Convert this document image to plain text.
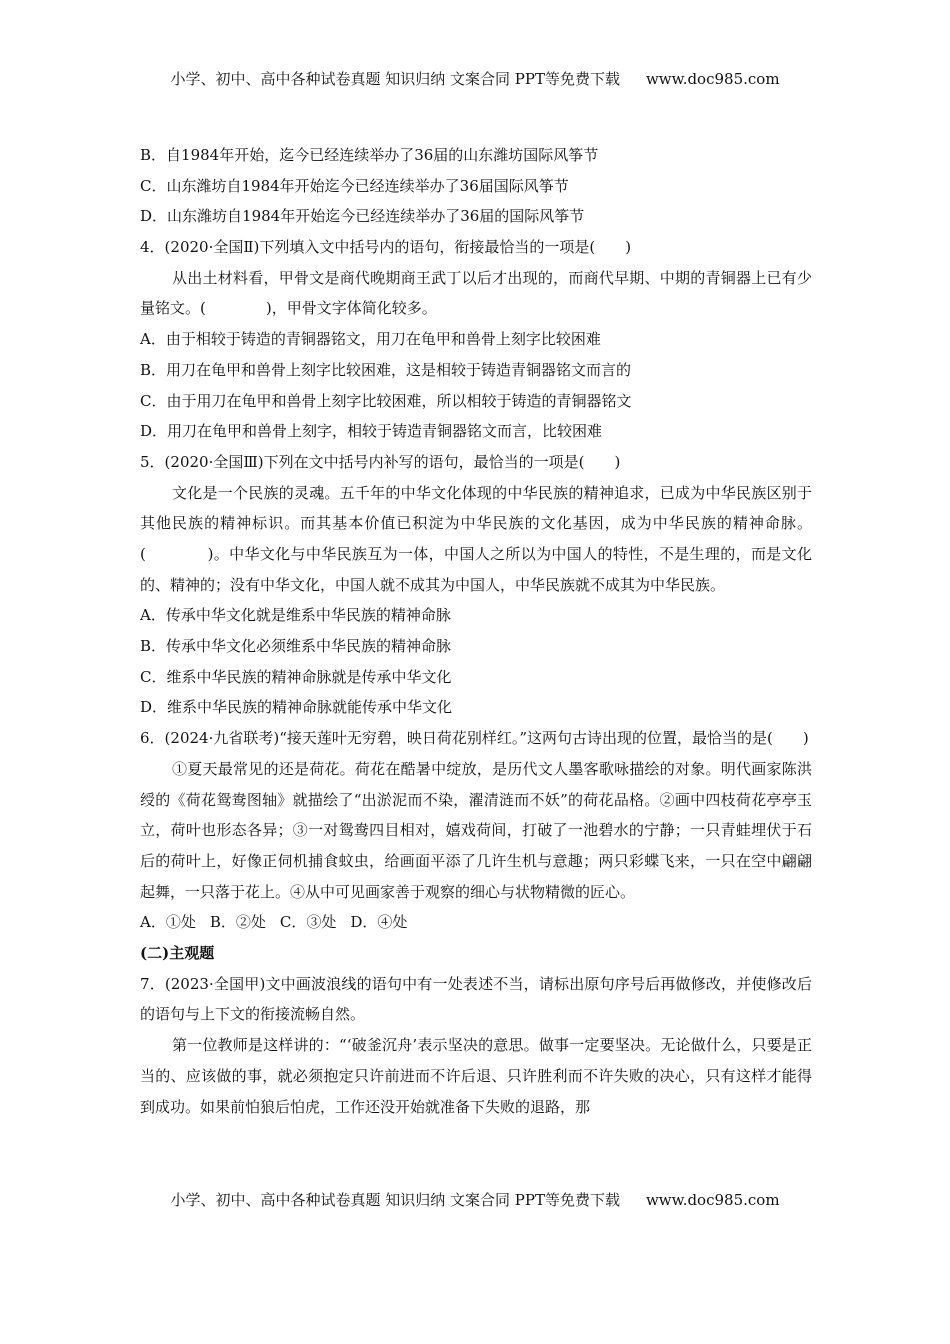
小学、初中、高中各种试卷真题 知识归纳 文案合同 PPT等免费下载 www.doc985.com
B．自1984年开始，迄今已经连续举办了36届的山东潍坊国际风筝节
C．山东潍坊自1984年开始迄今已经连续举办了36届国际风筝节
D．山东潍坊自1984年开始迄今已经连续举办了36届的国际风筝节
4．(2020·全国Ⅱ)下列填入文中括号内的语句，衔接最恰当的一项是(　　)

从出土材料看，甲骨文是商代晚期商王武丁以后才出现的，而商代早期、中期的青铜器上已有少量铭文。(　　　　)，甲骨文字体简化较多。

A．由于相较于铸造的青铜器铭文，用刀在龟甲和兽骨上刻字比较困难
B．用刀在龟甲和兽骨上刻字比较困难，这是相较于铸造青铜器铭文而言的
C．由于用刀在龟甲和兽骨上刻字比较困难，所以相较于铸造的青铜器铭文
D．用刀在龟甲和兽骨上刻字，相较于铸造青铜器铭文而言，比较困难
5．(2020·全国Ⅲ)下列在文中括号内补写的语句，最恰当的一项是(　　)

文化是一个民族的灵魂。五千年的中华文化体现的中华民族的精神追求，已成为中华民族区别于其他民族的精神标识。而其基本价值已积淀为中华民族的文化基因，成为中华民族的精神命脉。(　　　　)。中华文化与中华民族互为一体，中国人之所以为中国人的特性，不是生理的，而是文化的、精神的；没有中华文化，中国人就不成其为中国人，中华民族就不成其为中华民族。

A．传承中华文化就是维系中华民族的精神命脉
B．传承中华文化必须维系中华民族的精神命脉
C．维系中华民族的精神命脉就是传承中华文化
D．维系中华民族的精神命脉就能传承中华文化
6．(2024·九省联考)“接天莲叶无穷碧，映日荷花别样红。”这两句古诗出现的位置，最恰当的是(　　)

①夏天最常见的还是荷花。荷花在酷暑中绽放，是历代文人墨客歌咏描绘的对象。明代画家陈洪绶的《荷花鸳鸯图轴》就描绘了“出淤泥而不染，濯清涟而不妖”的荷花品格。②画中四枝荷花亭亭玉立，荷叶也形态各异；③一对鸳鸯四目相对，嬉戏荷间，打破了一池碧水的宁静；一只青蛙埋伏于石后的荷叶上，好像正伺机捕食蚊虫，给画面平添了几许生机与意趣；两只彩蝶飞来，一只在空中翩翩起舞，一只落于花上。④从中可见画家善于观察的细心与状物精微的匠心。

A．①处 B．②处 C．③处 D．④处
(二)主观题
7．(2023·全国甲)文中画波浪线的语句中有一处表述不当，请标出原句序号后再做修改，并使修改后的语句与上下文的衔接流畅自然。

第一位教师是这样讲的：“‘破釜沉舟’表示坚决的意思。做事一定要坚决。无论做什么，只要是正当的、应该做的事，就必须抱定只许前进而不许后退、只许胜利而不许失败的决心，只有这样才能得到成功。如果前怕狼后怕虎，工作还没开始就准备下失败的退路，那

小学、初中、高中各种试卷真题 知识归纳 文案合同 PPT等免费下载 www.doc985.com
